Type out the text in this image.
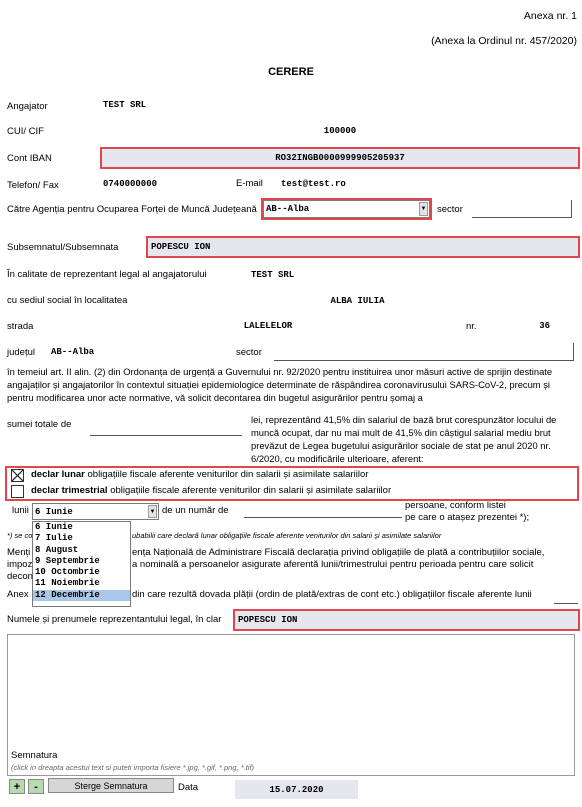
Anexa nr. 1
(Anexa la Ordinul nr. 457/2020)
CERERE
Angajator	TEST SRL
CUI/ CIF	100000
Cont IBAN	RO32INGB0000999905205937
Telefon/ Fax	0740000000	E-mail test@test.ro
Către Agenția pentru Ocuparea Forței de Muncă Județeană AB--Alba	▼ sector
Subsemnatul/Subsemnata	POPESCU ION
În calitate de reprezentant legal al angajatorului	TEST SRL
cu sediul social în localitatea	ALBA IULIA
strada	LALELELOR	nr.	36
județul AB--Alba	sector
în temeiul art. II alin. (2) din Ordonanța de urgență a Guvernului nr. 92/2020 pentru instituirea unor măsuri active de sprijin destinate
angajaților și angajatorilor în contextul situației epidemiologice determinate de răspândirea coronavirusului SARS-CoV-2, precum și
pentru modificarea unor acte normative, vă solicit decontarea din bugetul asigurărilor pentru șomaj a
sumei totale de	lei, reprezentând 41,5% din salariul de bază brut corespunzător locului de
muncă ocupat, dar nu mai mult de 41,5% din câștigul salarial mediu brut
prevăzut de Legea bugetului asigurărilor sociale de stat pe anul 2020 nr.
6/2020, cu modificările ulterioare, aferent:
declar lunar obligațiile fiscale aferente veniturilor din salarii și asimilate salariilor
declar trimestrial obligațiile fiscale aferente veniturilor din salarii și asimilate salariilor
lunii 6 Iunie	▼
6 Iunie
7 Iulie
8 August
9 Septembrie
10 Octombrie
11 Noiembrie
12 Decembrie
de un număr de	persoane, conform listei
pe care o atașez prezentei *);
*) se co	ubabilii care declară lunar obligațiile fiscale aferente veniturilor din salarii și asimilate salariilor
Menți	ența Națională de Administrare Fiscală declarația privind obligațiile de plată a contribuțiilor sociale,
impoz	a nominală a persoanelor asigurate aferentă lunii/trimestrului pentru perioada pentru care solicit
decon
Anex	din care rezultă dovada plății (ordin de plată/extras de cont etc.) obligațiilor fiscale aferente lunii
Numele și prenumele reprezentantului legal, în clar POPESCU ION
Semnatura
(click in dreapta acestui text si puteti importa fisiere *.jpg, *.gif, *.png, *.tif)
+	-	Sterge Semnatura	Data	15.07.2020
